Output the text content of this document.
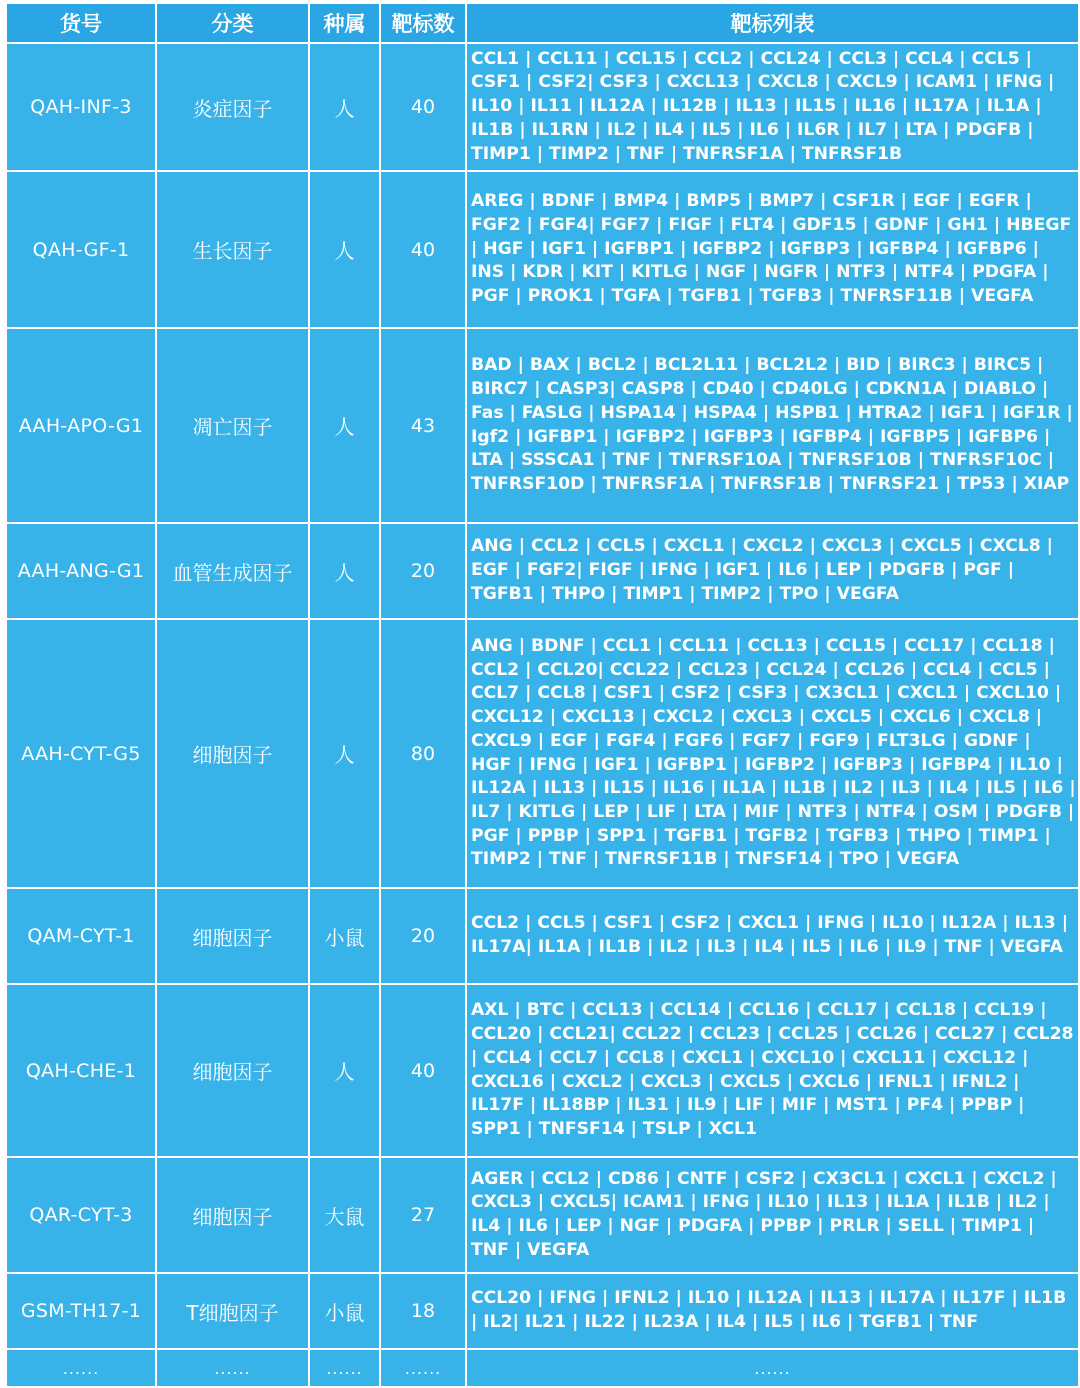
货号	分类	种属	靶标数	靶标列表
QAH-INF-3	炎症因子	人	40	CCL1 | CCL11 | CCL15 | CCL2 | CCL24 | CCL3 | CCL4 | CCL5 | CSF1 | CSF2| CSF3 | CXCL13 | CXCL8 | CXCL9 | ICAM1 | IFNG | IL10 | IL11 | IL12A | IL12B | IL13 | IL15 | IL16 | IL17A | IL1A | IL1B | IL1RN | IL2 | IL4 | IL5 | IL6 | IL6R | IL7 | LTA | PDGFB | TIMP1 | TIMP2 | TNF | TNFRSF1A | TNFRSF1B
QAH-GF-1	生长因子	人	40	AREG | BDNF | BMP4 | BMP5 | BMP7 | CSF1R | EGF | EGFR | FGF2 | FGF4| FGF7 | FIGF | FLT4 | GDF15 | GDNF | GH1 | HBEGF | HGF | IGF1 | IGFBP1 | IGFBP2 | IGFBP3 | IGFBP4 | IGFBP6 | INS | KDR | KIT | KITLG | NGF | NGFR | NTF3 | NTF4 | PDGFA | PGF | PROK1 | TGFA | TGFB1 | TGFB3 | TNFRSF11B | VEGFA
AAH-APO-G1	凋亡因子	人	43	BAD | BAX | BCL2 | BCL2L11 | BCL2L2 | BID | BIRC3 | BIRC5 | BIRC7 | CASP3| CASP8 | CD40 | CD40LG | CDKN1A | DIABLO | Fas | FASLG | HSPA14 | HSPA4 | HSPB1 | HTRA2 | IGF1 | IGF1R | Igf2 | IGFBP1 | IGFBP2 | IGFBP3 | IGFBP4 | IGFBP5 | IGFBP6 | LTA | SSSCA1 | TNF | TNFRSF10A | TNFRSF10B | TNFRSF10C | TNFRSF10D | TNFRSF1A | TNFRSF1B | TNFRSF21 | TP53 | XIAP
AAH-ANG-G1	血管生成因子	人	20	ANG | CCL2 | CCL5 | CXCL1 | CXCL2 | CXCL3 | CXCL5 | CXCL8 | EGF | FGF2| FIGF | IFNG | IGF1 | IL6 | LEP | PDGFB | PGF | TGFB1 | THPO | TIMP1 | TIMP2 | TPO | VEGFA
AAH-CYT-G5	细胞因子	人	80	ANG | BDNF | CCL1 | CCL11 | CCL13 | CCL15 | CCL17 | CCL18 | CCL2 | CCL20| CCL22 | CCL23 | CCL24 | CCL26 | CCL4 | CCL5 | CCL7 | CCL8 | CSF1 | CSF2 | CSF3 | CX3CL1 | CXCL1 | CXCL10 | CXCL12 | CXCL13 | CXCL2 | CXCL3 | CXCL5 | CXCL6 | CXCL8 | CXCL9 | EGF | FGF4 | FGF6 | FGF7 | FGF9 | FLT3LG | GDNF | HGF | IFNG | IGF1 | IGFBP1 | IGFBP2 | IGFBP3 | IGFBP4 | IL10 | IL12A | IL13 | IL15 | IL16 | IL1A | IL1B | IL2 | IL3 | IL4 | IL5 | IL6 | IL7 | KITLG | LEP | LIF | LTA | MIF | NTF3 | NTF4 | OSM | PDGFB | PGF | PPBP | SPP1 | TGFB1 | TGFB2 | TGFB3 | THPO | TIMP1 | TIMP2 | TNF | TNFRSF11B | TNFSF14 | TPO | VEGFA
QAM-CYT-1	细胞因子	小鼠	20	CCL2 | CCL5 | CSF1 | CSF2 | CXCL1 | IFNG | IL10 | IL12A | IL13 | IL17A| IL1A | IL1B | IL2 | IL3 | IL4 | IL5 | IL6 | IL9 | TNF | VEGFA
QAH-CHE-1	细胞因子	人	40	AXL | BTC | CCL13 | CCL14 | CCL16 | CCL17 | CCL18 | CCL19 | CCL20 | CCL21| CCL22 | CCL23 | CCL25 | CCL26 | CCL27 | CCL28 | CCL4 | CCL7 | CCL8 | CXCL1 | CXCL10 | CXCL11 | CXCL12 | CXCL16 | CXCL2 | CXCL3 | CXCL5 | CXCL6 | IFNL1 | IFNL2 | IL17F | IL18BP | IL31 | IL9 | LIF | MIF | MST1 | PF4 | PPBP | SPP1 | TNFSF14 | TSLP | XCL1
QAR-CYT-3	细胞因子	大鼠	27	AGER | CCL2 | CD86 | CNTF | CSF2 | CX3CL1 | CXCL1 | CXCL2 | CXCL3 | CXCL5| ICAM1 | IFNG | IL10 | IL13 | IL1A | IL1B | IL2 | IL4 | IL6 | LEP | NGF | PDGFA | PPBP | PRLR | SELL | TIMP1 | TNF | VEGFA
GSM-TH17-1	T细胞因子	小鼠	18	CCL20 | IFNG | IFNL2 | IL10 | IL12A | IL13 | IL17A | IL17F | IL1B | IL2| IL21 | IL22 | IL23A | IL4 | IL5 | IL6 | TGFB1 | TNF
......	......	......	......	......
